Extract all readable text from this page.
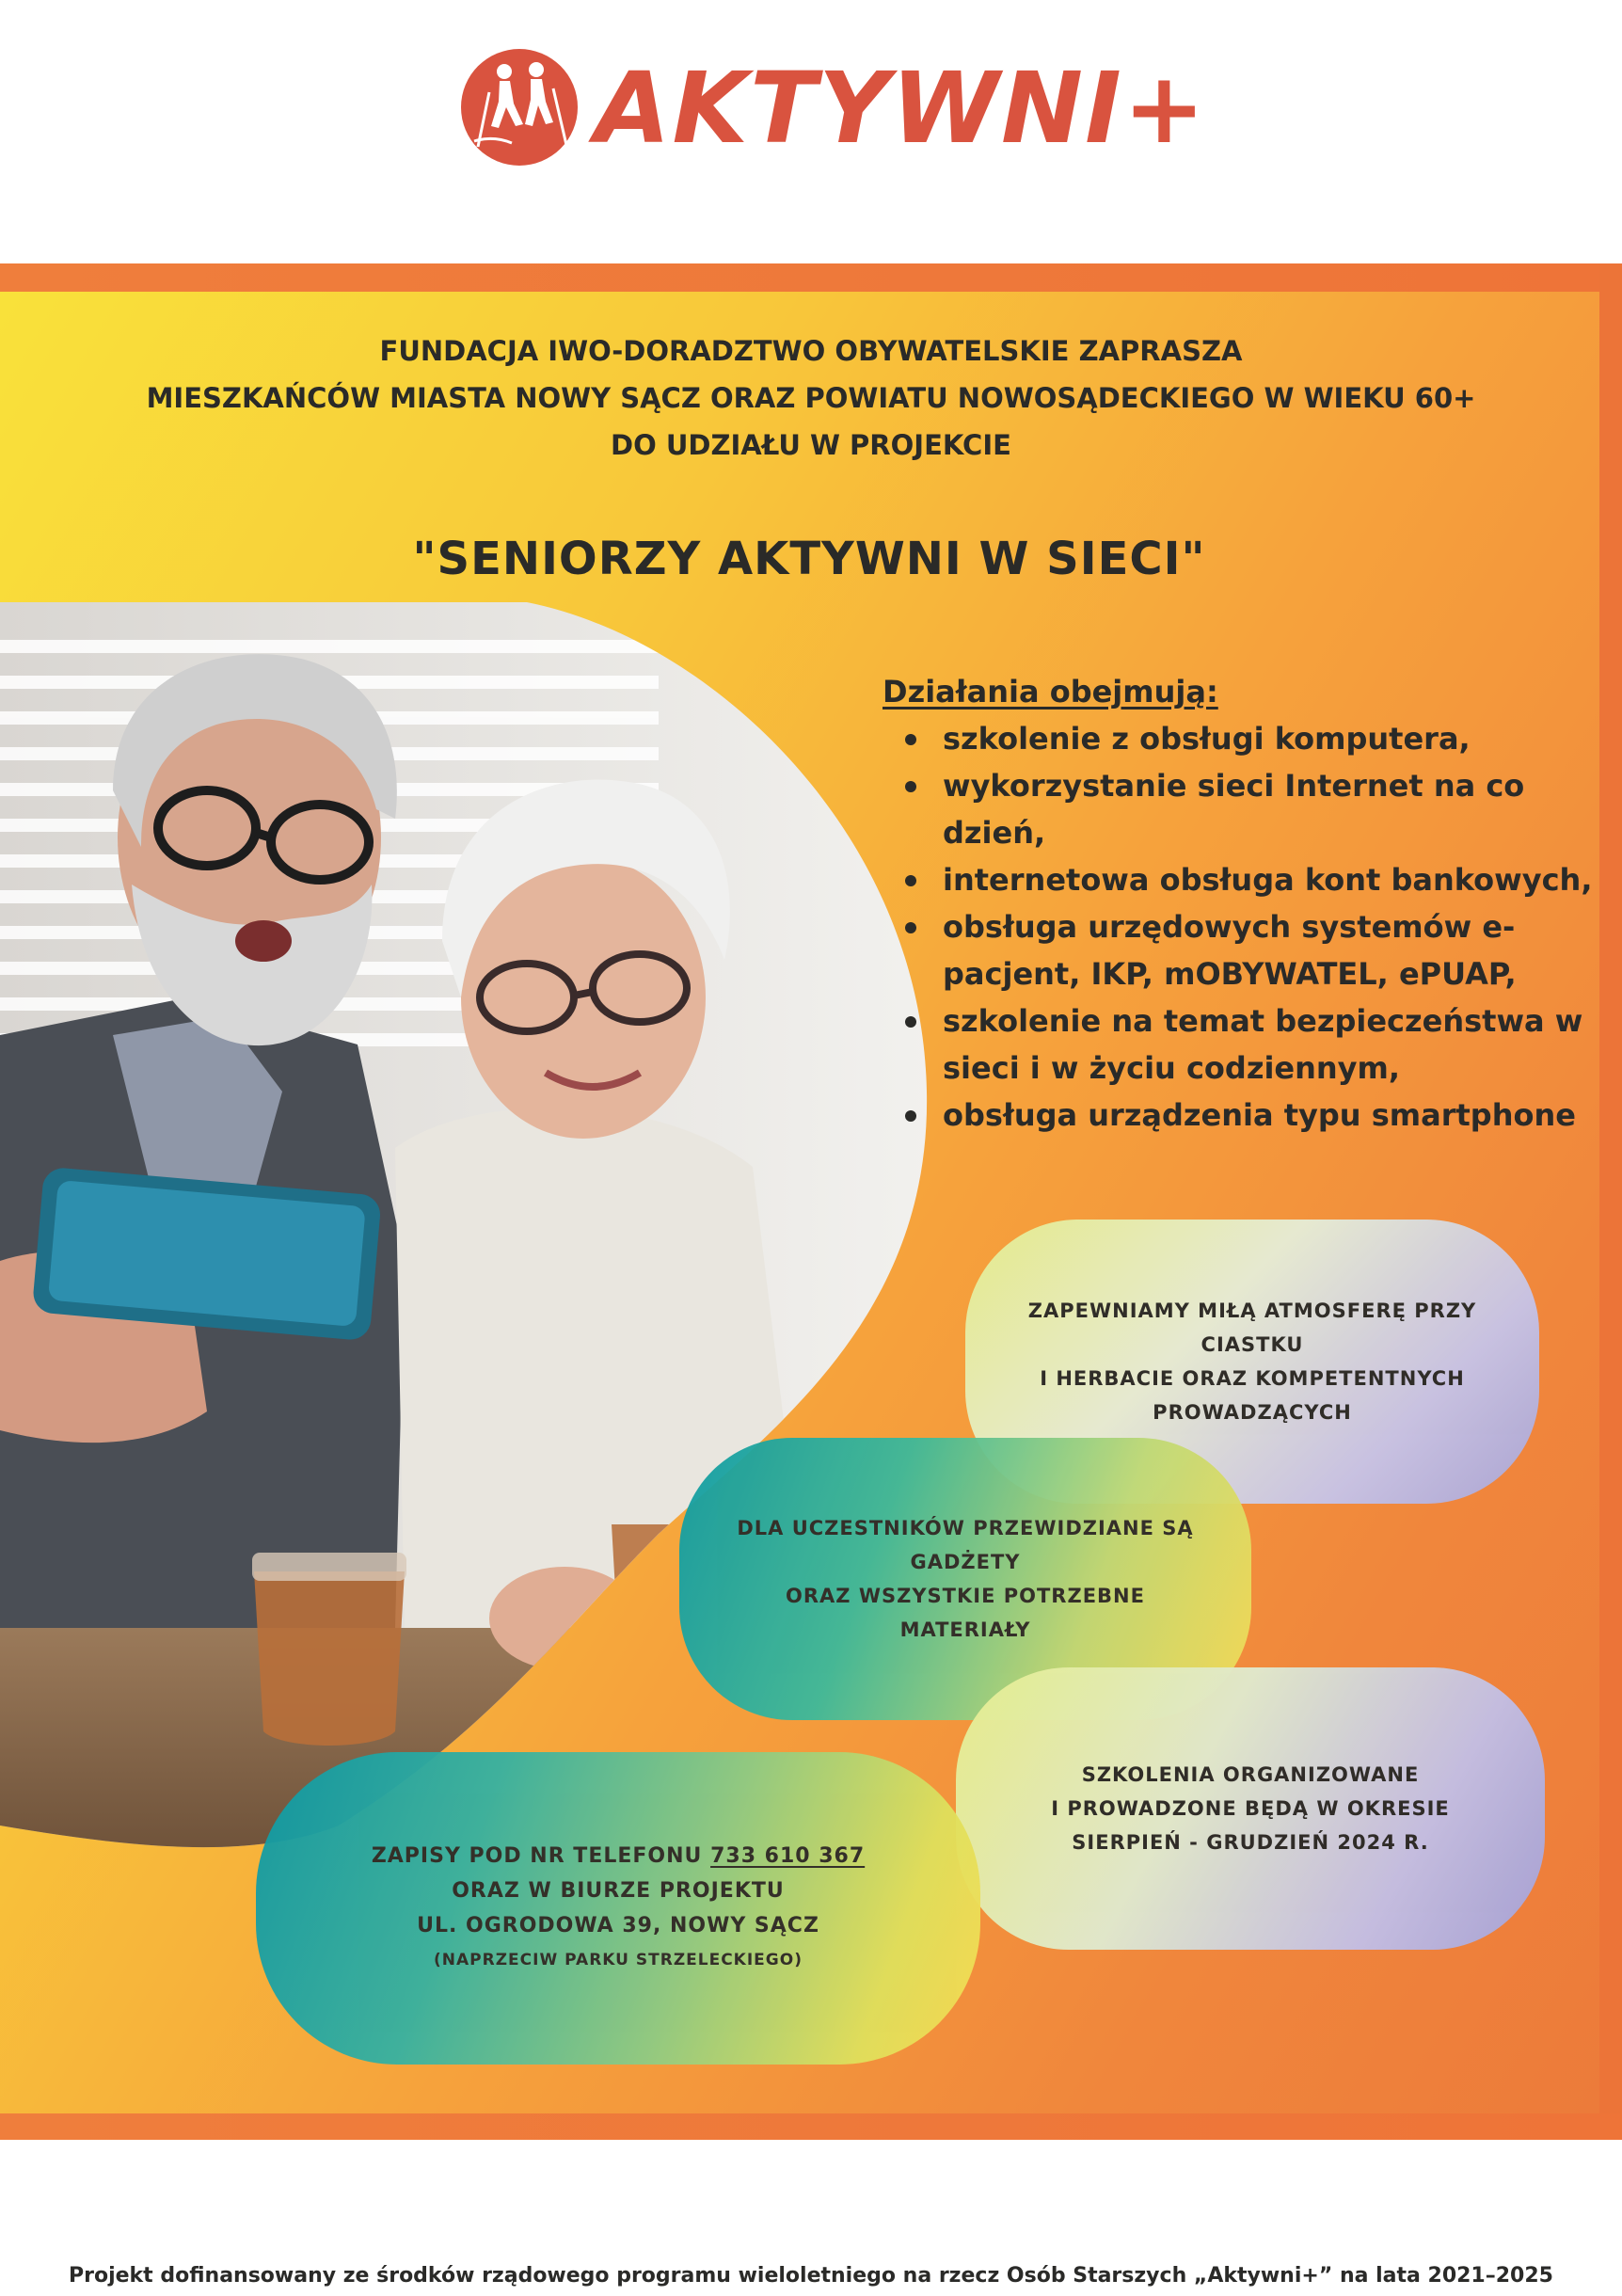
AKTYWNI+
FUNDACJA IWO-DORADZTWO OBYWATELSKIE ZAPRASZA
MIESZKAŃCÓW MIASTA NOWY SĄCZ ORAZ POWIATU NOWOSĄDECKIEGO W WIEKU 60+
DO UDZIAŁU W PROJEKCIE
"SENIORZY AKTYWNI W SIECI"
Działania obejmują:
szkolenie z obsługi komputera,
wykorzystanie sieci Internet na co dzień,
internetowa obsługa kont bankowych,
obsługa urzędowych systemów e-pacjent, IKP, mOBYWATEL, ePUAP,
szkolenie na temat bezpieczeństwa w sieci i w życiu codziennym,
obsługa urządzenia typu smartphone
ZAPEWNIAMY MIŁĄ ATMOSFERĘ PRZY CIASTKU
I HERBACIE ORAZ KOMPETENTNYCH
PROWADZĄCYCH
DLA UCZESTNIKÓW PRZEWIDZIANE SĄ GADŻETY
ORAZ WSZYSTKIE POTRZEBNE MATERIAŁY
SZKOLENIA ORGANIZOWANE
I PROWADZONE BĘDĄ W OKRESIE
SIERPIEŃ - GRUDZIEŃ 2024 R.
ZAPISY POD NR TELEFONU 733 610 367
ORAZ W BIURZE PROJEKTU
UL. OGRODOWA 39, NOWY SĄCZ
(NAPRZECIW PARKU STRZELECKIEGO)
Projekt dofinansowany ze środków rządowego programu wieloletniego na rzecz Osób Starszych „Aktywni+” na lata 2021–2025
